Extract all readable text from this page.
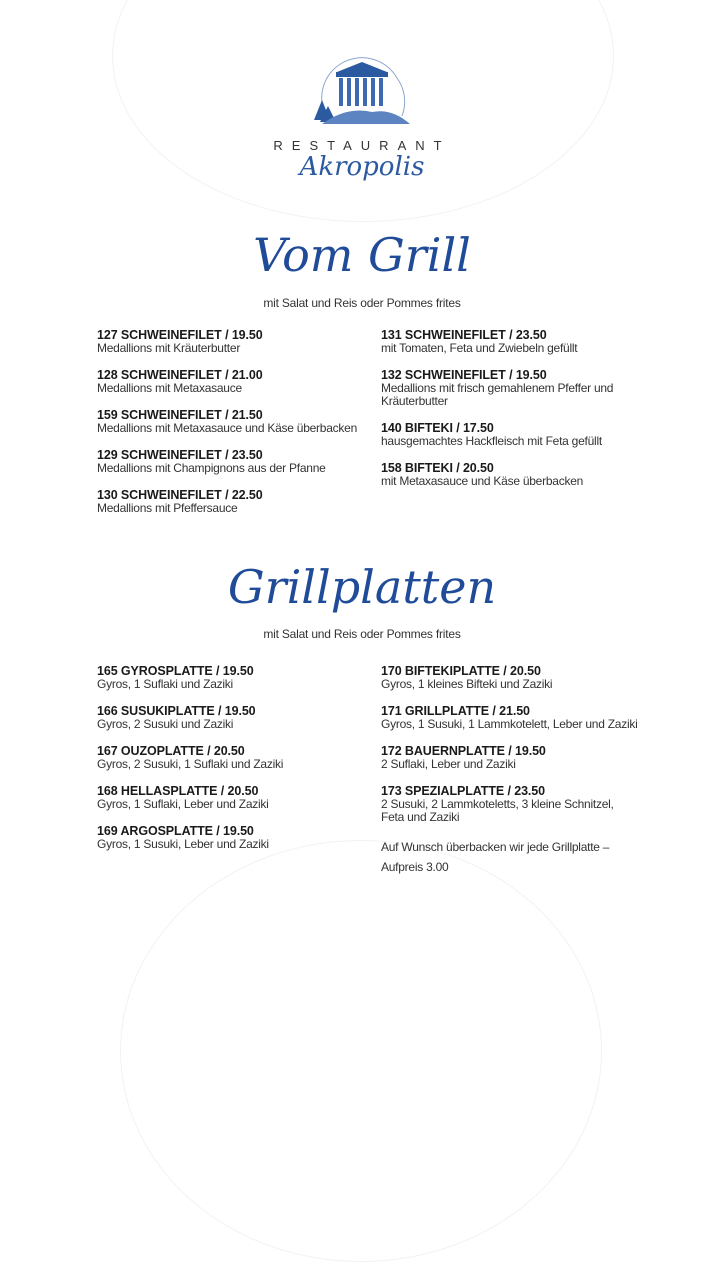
RESTAURANT
Akropolis
Vom Grill
mit Salat und Reis oder Pommes frites
127 SCHWEINEFILET / 19.50
Medallions mit Kräuterbutter
128 SCHWEINEFILET / 21.00
Medallions mit Metaxasauce
159 SCHWEINEFILET / 21.50
Medallions mit Metaxasauce und Käse überbacken
129 SCHWEINEFILET / 23.50
Medallions mit Champignons aus der Pfanne
130 SCHWEINEFILET / 22.50
Medallions mit Pfeffersauce
131 SCHWEINEFILET / 23.50
mit Tomaten, Feta und Zwiebeln gefüllt
132 SCHWEINEFILET / 19.50
Medallions mit frisch gemahlenem Pfeffer und Kräuterbutter
140 BIFTEKI / 17.50
hausgemachtes Hackfleisch mit Feta gefüllt
158 BIFTEKI / 20.50
mit Metaxasauce und Käse überbacken
Grillplatten
mit Salat und Reis oder Pommes frites
165 GYROSPLATTE / 19.50
Gyros, 1 Suflaki und Zaziki
166 SUSUKIPLATTE / 19.50
Gyros, 2 Susuki und Zaziki
167 OUZOPLATTE / 20.50
Gyros, 2 Susuki, 1 Suflaki und Zaziki
168 HELLASPLATTE / 20.50
Gyros, 1 Suflaki, Leber und Zaziki
169 ARGOSPLATTE / 19.50
Gyros, 1 Susuki, Leber und Zaziki
170 BIFTEKIPLATTE / 20.50
Gyros, 1 kleines Bifteki und Zaziki
171 GRILLPLATTE / 21.50
Gyros, 1 Susuki, 1 Lammkotelett, Leber und Zaziki
172 BAUERNPLATTE / 19.50
2 Suflaki, Leber und Zaziki
173 SPEZIALPLATTE / 23.50
2 Susuki, 2 Lammkoteletts, 3 kleine Schnitzel, Feta und Zaziki
Auf Wunsch überbacken wir jede Grillplatte – Aufpreis 3.00
